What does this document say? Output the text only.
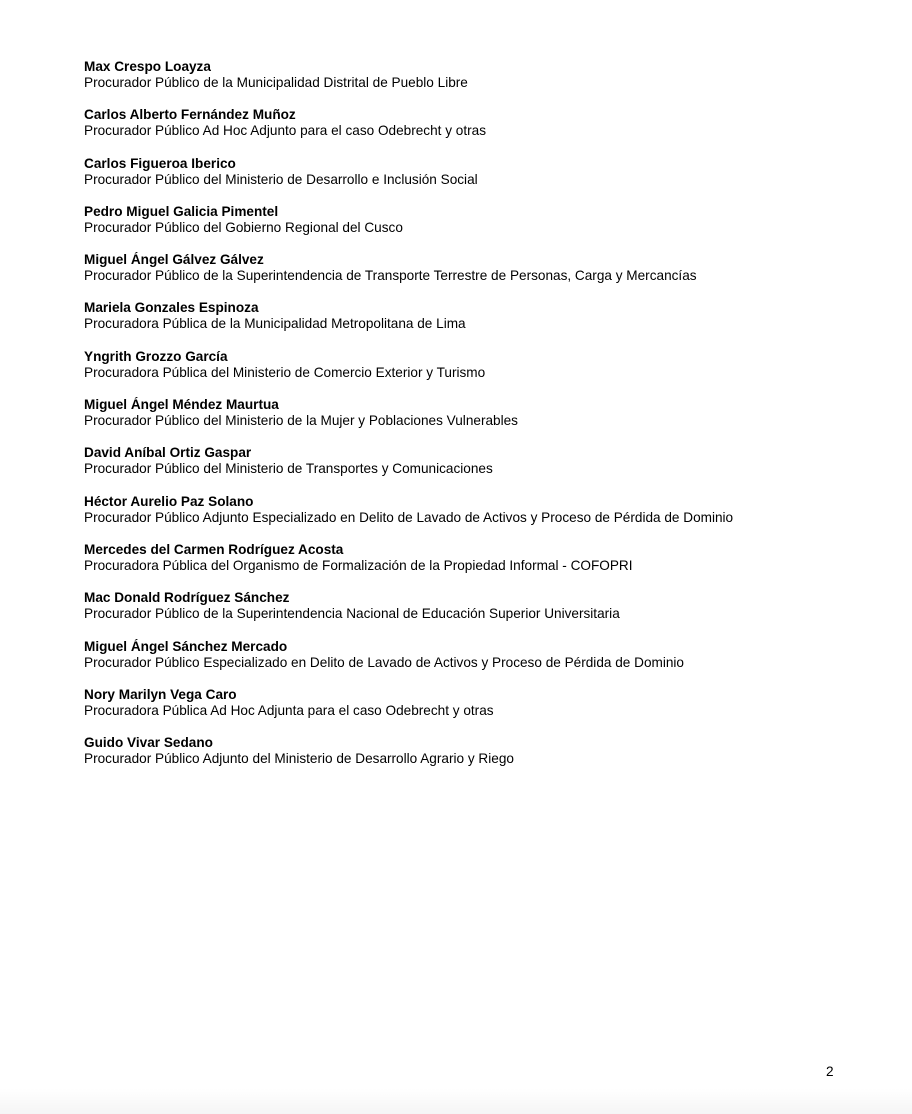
Max Crespo Loayza
Procurador Público de la Municipalidad Distrital de Pueblo Libre
Carlos Alberto Fernández Muñoz
Procurador Público Ad Hoc Adjunto para el caso Odebrecht y otras
Carlos Figueroa Iberico
Procurador Público del Ministerio de Desarrollo e Inclusión Social
Pedro Miguel Galicia Pimentel
Procurador Público del Gobierno Regional del Cusco
Miguel Ángel Gálvez Gálvez
Procurador Público de la Superintendencia de Transporte Terrestre de Personas, Carga y Mercancías
Mariela Gonzales Espinoza
Procuradora Pública de la Municipalidad Metropolitana de Lima
Yngrith Grozzo García
Procuradora Pública del Ministerio de Comercio Exterior y Turismo
Miguel Ángel Méndez Maurtua
Procurador Público del Ministerio de la Mujer y Poblaciones Vulnerables
David Aníbal Ortiz Gaspar
Procurador Público del Ministerio de Transportes y Comunicaciones
Héctor Aurelio Paz Solano
Procurador Público Adjunto Especializado en Delito de Lavado de Activos y Proceso de Pérdida de Dominio
Mercedes del Carmen Rodríguez Acosta
Procuradora Pública del Organismo de Formalización de la Propiedad Informal - COFOPRI
Mac Donald Rodríguez Sánchez
Procurador Público de la Superintendencia Nacional de Educación Superior Universitaria
Miguel Ángel Sánchez Mercado
Procurador Público Especializado en Delito de Lavado de Activos y Proceso de Pérdida de Dominio
Nory Marilyn Vega Caro
Procuradora Pública Ad Hoc Adjunta para el caso Odebrecht y otras
Guido Vivar Sedano
Procurador Público Adjunto del Ministerio de Desarrollo Agrario y Riego
2
